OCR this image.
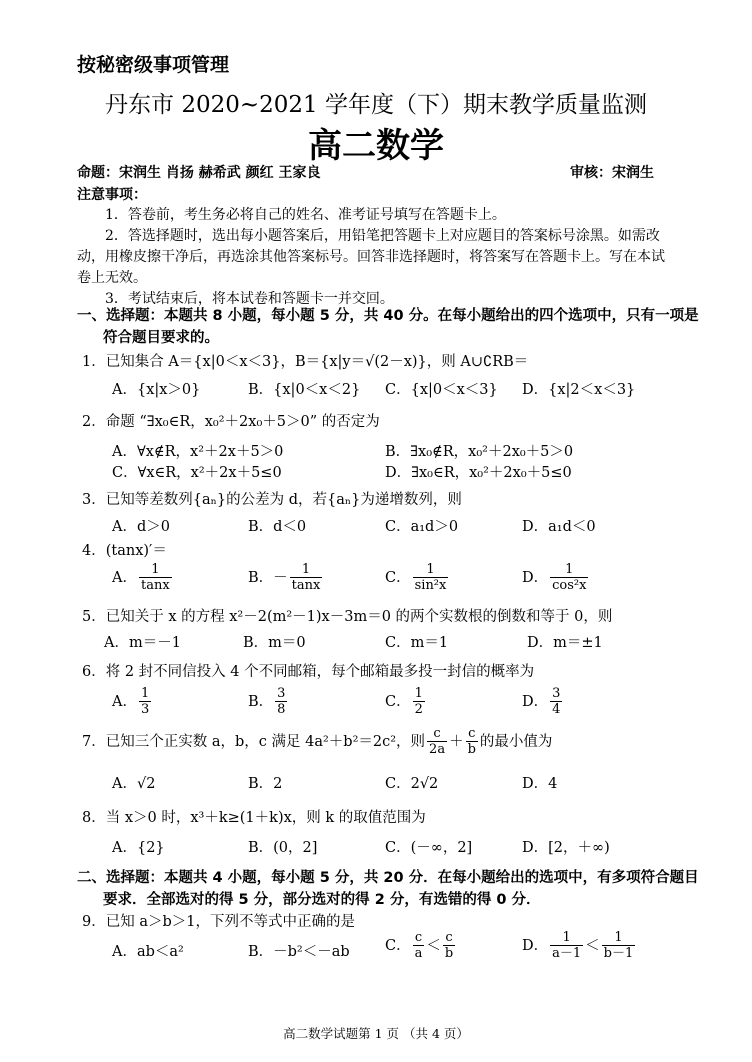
按秘密级事项管理
丹东市 2020~2021 学年度（下）期末教学质量监测
高二数学
命题：宋润生 肖扬 赫希武 颜红 王家良	审核：宋润生
注意事项：
1．答卷前，考生务必将自己的姓名、准考证号填写在答题卡上。
2．答选择题时，选出每小题答案后，用铅笔把答题卡上对应题目的答案标号涂黑。如需改动，用橡皮擦干净后，再选涂其他答案标号。回答非选择题时，将答案写在答题卡上。写在本试卷上无效。
3．考试结束后，将本试卷和答题卡一并交回。
一、选择题：本题共 8 小题，每小题 5 分，共 40 分。在每小题给出的四个选项中，只有一项是符合题目要求的。
1．已知集合 A＝{x|0＜x＜3}，B＝{x|y＝√(2－x)}，则 A∪∁RB＝
A．{x|x＞0}	B．{x|0＜x＜2} C．{x|0＜x＜3} D．{x|2＜x＜3}
2．命题 “∃x₀∈R，x₀²＋2x₀＋5＞0” 的否定为
A．∀x∉R，x²＋2x＋5＞0	B．∃x₀∉R，x₀²＋2x₀＋5＞0
C．∀x∈R，x²＋2x＋5≤0	D．∃x₀∈R，x₀²＋2x₀＋5≤0
3．已知等差数列{aₙ}的公差为 d，若{aₙ}为递增数列，则
A．d＞0	B．d＜0	C．a₁d＞0	D．a₁d＜0
4．(tanx)′＝
A． $\frac{1}{\tan x}$	B．－ $\frac{1}{\tan x}$	C． $\frac{1}{\text{sin²x}}$	D． $\frac{1}{\text{cos²x}}$
5．已知关于 x 的方程 x²－2(m²－1)x－3m＝0 的两个实数根的倒数和等于 0，则
A．m＝－1	B．m＝0	C．m＝1	D．m＝±1
6．将 2 封不同信投入 4 个不同邮箱，每个邮箱最多投一封信的概率为
A． $\frac{1}{3}$	B． $\frac{3}{8}$	C． $\frac{1}{2}$	D． $\frac{3}{4}$
7．已知三个正实数 a，b，c 满足 4a²＋b²＝2c²，则 $\frac{c}{2a} + \frac{c}{b}$ 的最小值为
A．√2	B．2	C．2√2	D．4
8．当 x＞0 时，x³＋k≥(1＋k)x，则 k 的取值范围为
A．{2}	B．(0，2]	C．(－∞，2]	D．[2，＋∞)
二、选择题：本题共 4 小题，每小题 5 分，共 20 分．在每小题给出的选项中，有多项符合题目要求．全部选对的得 5 分，部分选对的得 2 分，有选错的得 0 分．
9．已知 a＞b＞1，下列不等式中正确的是
A．ab＜a²	B．－b²＜－ab C． $\frac{c}{a} < \frac{c}{b}$	D． $\frac{1}{a-1} < \frac{1}{b-1}$
高二数学试题第 1 页 （共 4 页）
